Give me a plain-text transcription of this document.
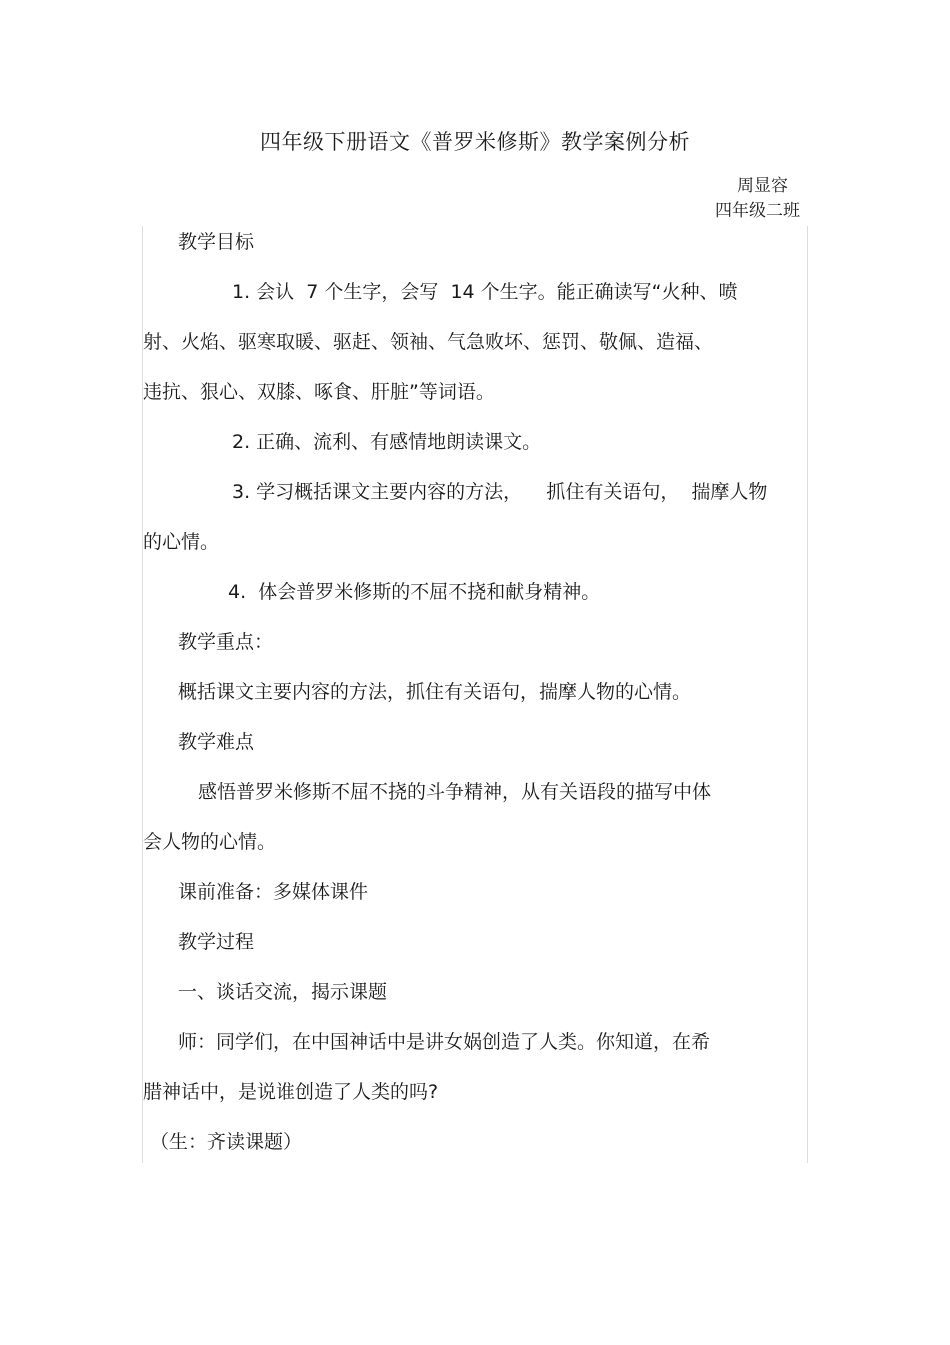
四年级下册语文《普罗米修斯》教学案例分析
周显容
四年级二班
教学目标
1. 会认  7 个生字，会写  14 个生字。能正确读写“火种、喷
射、火焰、驱寒取暖、驱赶、领袖、气急败坏、惩罚、敬佩、造福、
违抗、狠心、双膝、啄食、肝脏”等词语。
2. 正确、流利、有感情地朗读课文。
3. 学习概括课文主要内容的方法，    抓住有关语句，  揣摩人物
的心情。
4.  体会普罗米修斯的不屈不挠和献身精神。
教学重点：
概括课文主要内容的方法，抓住有关语句，揣摩人物的心情。
教学难点
感悟普罗米修斯不屈不挠的斗争精神，从有关语段的描写中体
会人物的心情。
课前准备：多媒体课件
教学过程
一、谈话交流，揭示课题
师：同学们，在中国神话中是讲女娲创造了人类。你知道，在希
腊神话中，是说谁创造了人类的吗?
（生：齐读课题）
